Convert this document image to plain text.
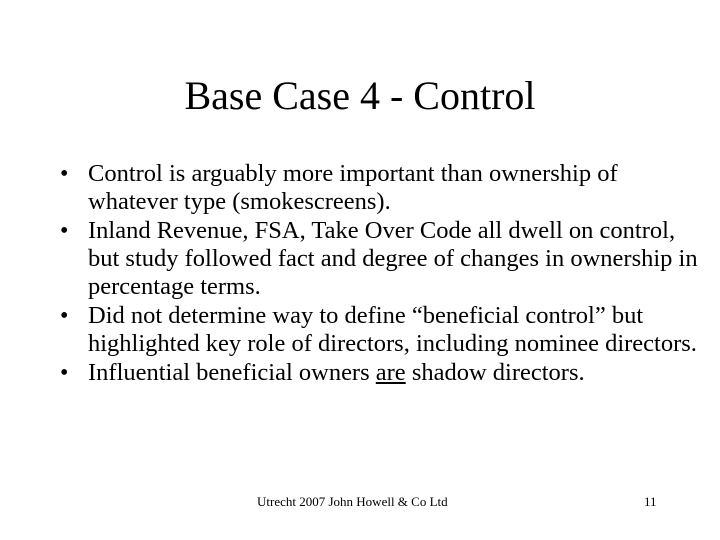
Base Case 4 - Control
• Control is arguably more important than ownership of whatever type (smokescreens).
• Inland Revenue, FSA, Take Over Code all dwell on control, but study followed fact and degree of changes in ownership in percentage terms.
• Did not determine way to define “beneficial control” but highlighted key role of directors, including nominee directors.
• Influential beneficial owners are shadow directors.
Utrecht 2007 John Howell & Co Ltd	11
